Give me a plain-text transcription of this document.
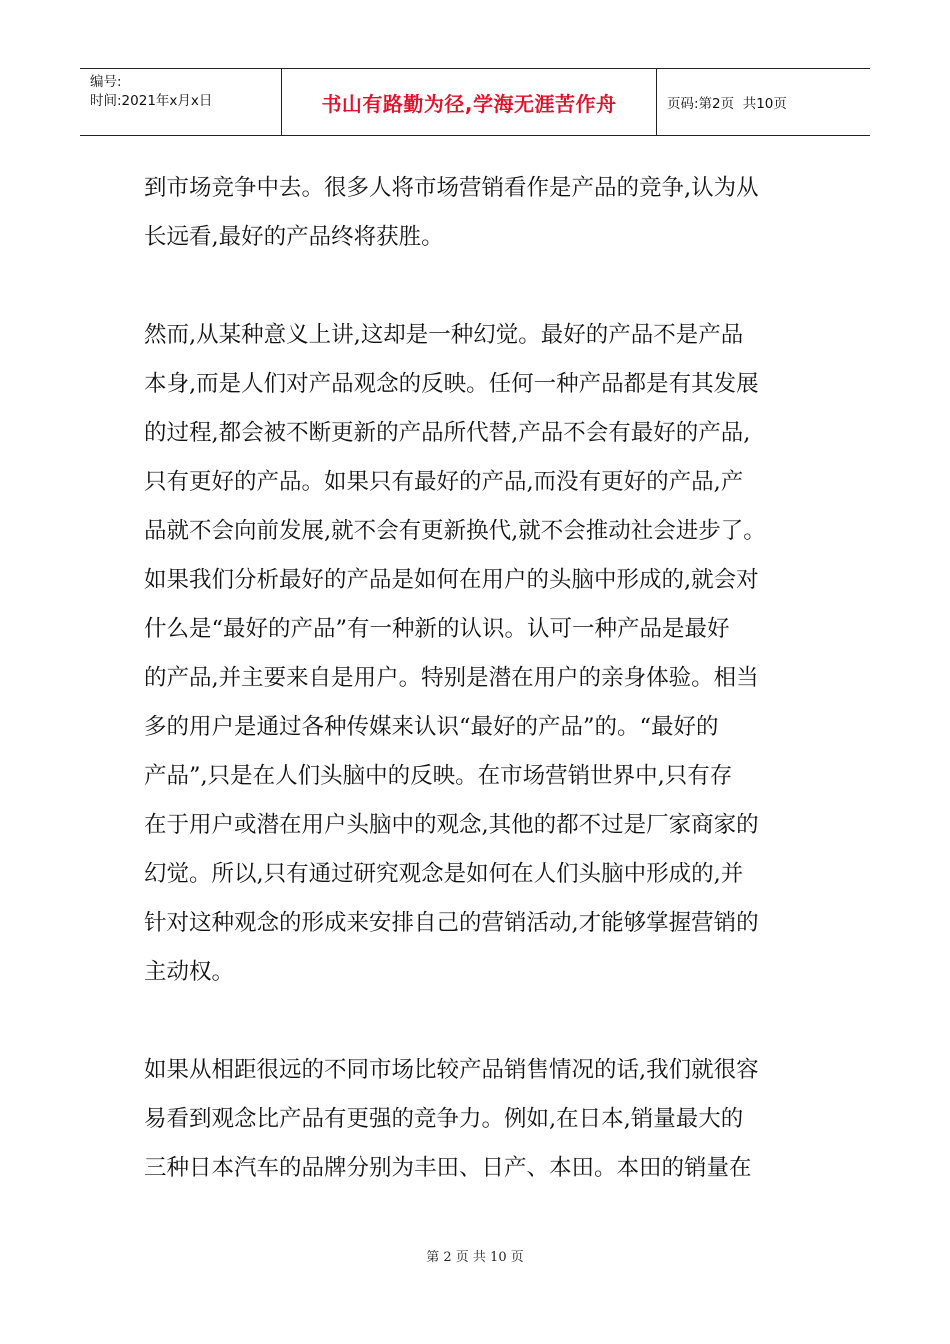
编号:
时间:2021年x月x日	书山有路勤为径,学海无涯苦作舟	页码:第2页  共10页

到市场竞争中去。很多人将市场营销看作是产品的竞争,认为从
长远看,最好的产品终将获胜。

然而,从某种意义上讲,这却是一种幻觉。最好的产品不是产品
本身,而是人们对产品观念的反映。任何一种产品都是有其发展
的过程,都会被不断更新的产品所代替,产品不会有最好的产品,
只有更好的产品。如果只有最好的产品,而没有更好的产品,产
品就不会向前发展,就不会有更新换代,就不会推动社会进步了。
如果我们分析最好的产品是如何在用户的头脑中形成的,就会对
什么是“最好的产品”有一种新的认识。认可一种产品是最好
的产品,并主要来自是用户。特别是潜在用户的亲身体验。相当
多的用户是通过各种传媒来认识“最好的产品”的。“最好的
产品”,只是在人们头脑中的反映。在市场营销世界中,只有存
在于用户或潜在用户头脑中的观念,其他的都不过是厂家商家的
幻觉。所以,只有通过研究观念是如何在人们头脑中形成的,并
针对这种观念的形成来安排自己的营销活动,才能够掌握营销的
主动权。

如果从相距很远的不同市场比较产品销售情况的话,我们就很容
易看到观念比产品有更强的竞争力。例如,在日本,销量最大的
三种日本汽车的品牌分别为丰田、日产、本田。本田的销量在

第 2 页 共 10 页
